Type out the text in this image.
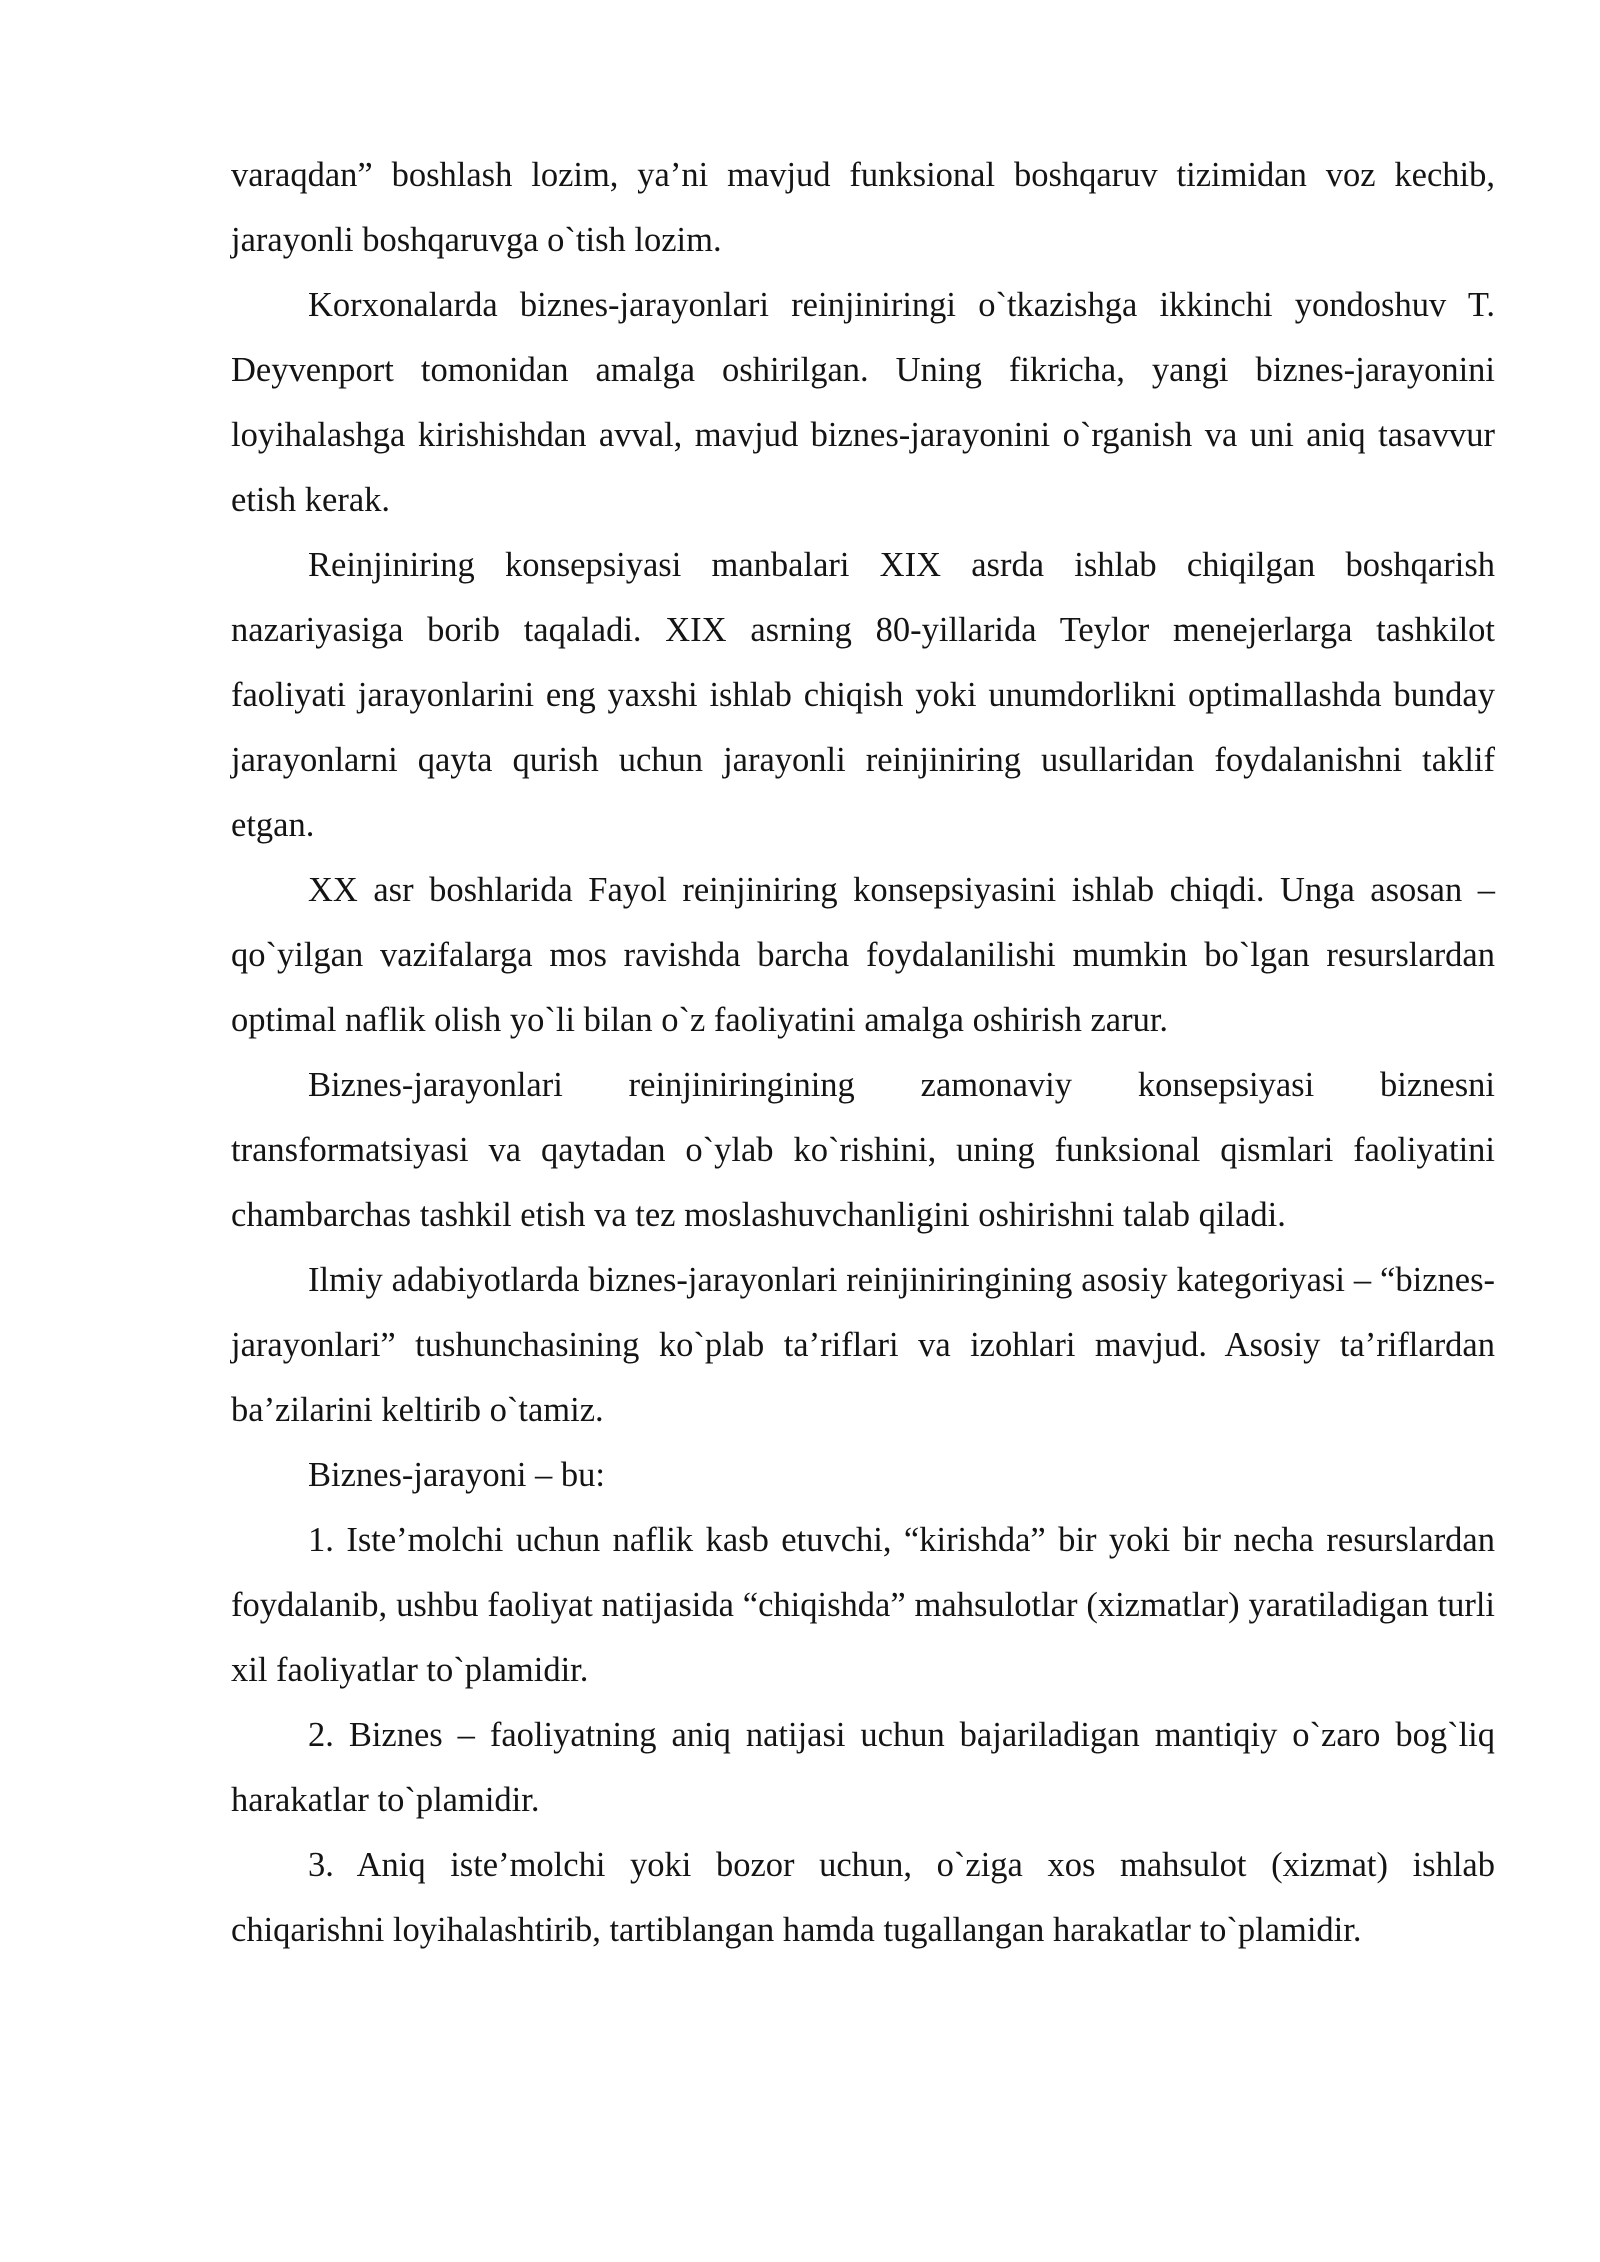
varaqdan” boshlash lozim, ya’ni mavjud funksional boshqaruv tizimidan voz kechib, jarayonli boshqaruvga o`tish lozim.

Korxonalarda biznes-jarayonlari reinjiniringi o`tkazishga ikkinchi yondoshuv T. Deyvenport tomonidan amalga oshirilgan. Uning fikricha, yangi biznes-jarayonini loyihalashga kirishishdan avval, mavjud biznes-jarayonini o`rganish va uni aniq tasavvur etish kerak.

Reinjiniring konsepsiyasi manbalari XIX asrda ishlab chiqilgan boshqarish nazariyasiga borib taqaladi. XIX asrning 80-yillarida Teylor menejerlarga tashkilot faoliyati jarayonlarini eng yaxshi ishlab chiqish yoki unumdorlikni optimallashda bunday jarayonlarni qayta qurish uchun jarayonli reinjiniring usullaridan foydalanishni taklif etgan.

XX asr boshlarida Fayol reinjiniring konsepsiyasini ishlab chiqdi. Unga asosan – qo`yilgan vazifalarga mos ravishda barcha foydalanilishi mumkin bo`lgan resurslardan optimal naflik olish yo`li bilan o`z faoliyatini amalga oshirish zarur.

Biznes-jarayonlari reinjiniringining zamonaviy konsepsiyasi biznesni transformatsiyasi va qaytadan o`ylab ko`rishini, uning funksional qismlari faoliyatini chambarchas tashkil etish va tez moslashuvchanligini oshirishni talab qiladi.

Ilmiy adabiyotlarda biznes-jarayonlari reinjiniringining asosiy kategoriyasi – “biznes-jarayonlari” tushunchasining ko`plab ta’riflari va izohlari mavjud. Asosiy ta’riflardan ba’zilarini keltirib o`tamiz.

Biznes-jarayoni – bu:

1. Iste’molchi uchun naflik kasb etuvchi, “kirishda” bir yoki bir necha resurslardan foydalanib, ushbu faoliyat natijasida “chiqishda” mahsulotlar (xizmatlar) yaratiladigan turli xil faoliyatlar to`plamidir.

2. Biznes – faoliyatning aniq natijasi uchun bajariladigan mantiqiy o`zaro bog`liq harakatlar to`plamidir.

3. Aniq iste’molchi yoki bozor uchun, o`ziga xos mahsulot (xizmat) ishlab chiqarishni loyihalashtirib, tartiblangan hamda tugallangan harakatlar to`plamidir.
